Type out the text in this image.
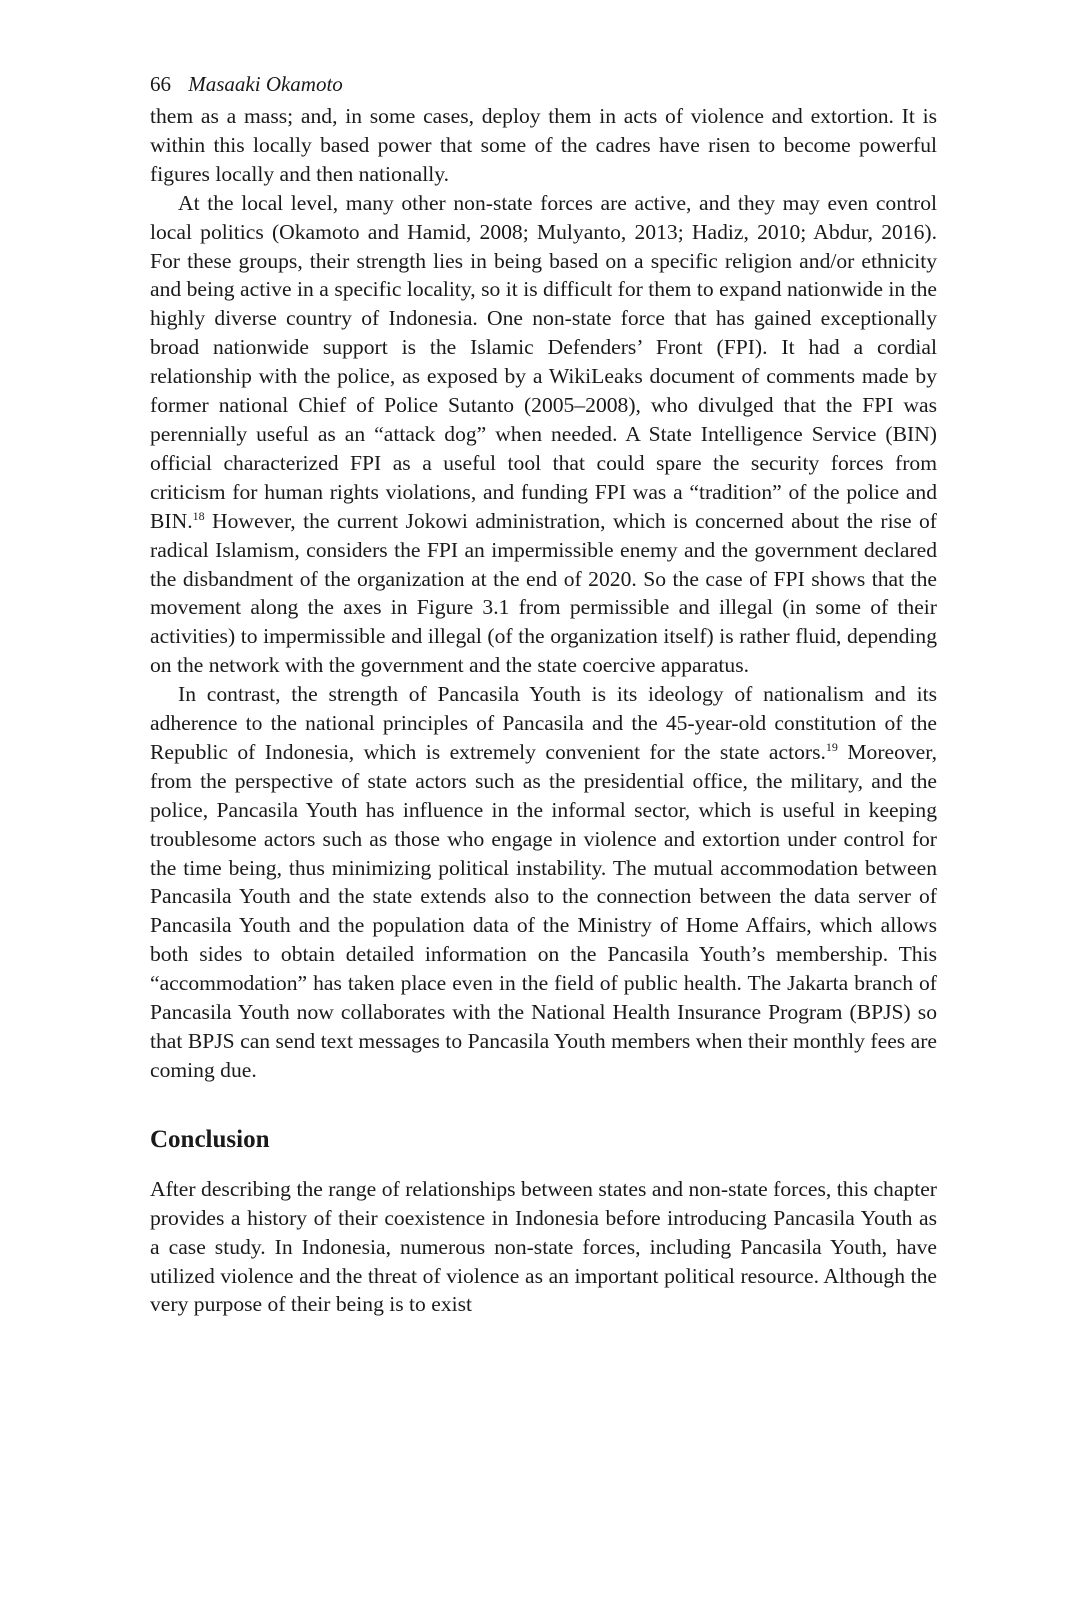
66 Masaaki Okamoto

them as a mass; and, in some cases, deploy them in acts of violence and extortion. It is within this locally based power that some of the cadres have risen to become powerful figures locally and then nationally.

At the local level, many other non-state forces are active, and they may even control local politics (Okamoto and Hamid, 2008; Mulyanto, 2013; Hadiz, 2010; Abdur, 2016). For these groups, their strength lies in being based on a specific religion and/or ethnicity and being active in a specific locality, so it is difficult for them to expand nationwide in the highly diverse country of Indonesia. One non-state force that has gained exceptionally broad nationwide support is the Islamic Defenders’ Front (FPI). It had a cordial relationship with the police, as exposed by a WikiLeaks document of comments made by former national Chief of Police Sutanto (2005–2008), who divulged that the FPI was perennially useful as an “attack dog” when needed. A State Intelligence Service (BIN) official characterized FPI as a useful tool that could spare the security forces from criticism for human rights violations, and funding FPI was a “tradition” of the police and BIN.$^{18}$ However, the current Jokowi administration, which is concerned about the rise of radical Islamism, considers the FPI an impermissible enemy and the government declared the disbandment of the organization at the end of 2020. So the case of FPI shows that the movement along the axes in Figure 3.1 from permissible and illegal (in some of their activities) to impermissible and illegal (of the organization itself) is rather fluid, depending on the network with the government and the state coercive apparatus.

In contrast, the strength of Pancasila Youth is its ideology of nationalism and its adherence to the national principles of Pancasila and the 45-year-old constitution of the Republic of Indonesia, which is extremely convenient for the state actors.$^{19}$ Moreover, from the perspective of state actors such as the presidential office, the military, and the police, Pancasila Youth has influence in the informal sector, which is useful in keeping troublesome actors such as those who engage in violence and extortion under control for the time being, thus minimizing political instability. The mutual accommodation between Pancasila Youth and the state extends also to the connection between the data server of Pancasila Youth and the population data of the Ministry of Home Affairs, which allows both sides to obtain detailed information on the Pancasila Youth’s membership. This “accommodation” has taken place even in the field of public health. The Jakarta branch of Pancasila Youth now collaborates with the National Health Insurance Program (BPJS) so that BPJS can send text messages to Pancasila Youth members when their monthly fees are coming due.

Conclusion

After describing the range of relationships between states and non-state forces, this chapter provides a history of their coexistence in Indonesia before introducing Pancasila Youth as a case study. In Indonesia, numerous non-state forces, including Pancasila Youth, have utilized violence and the threat of violence as an important political resource. Although the very purpose of their being is to exist
